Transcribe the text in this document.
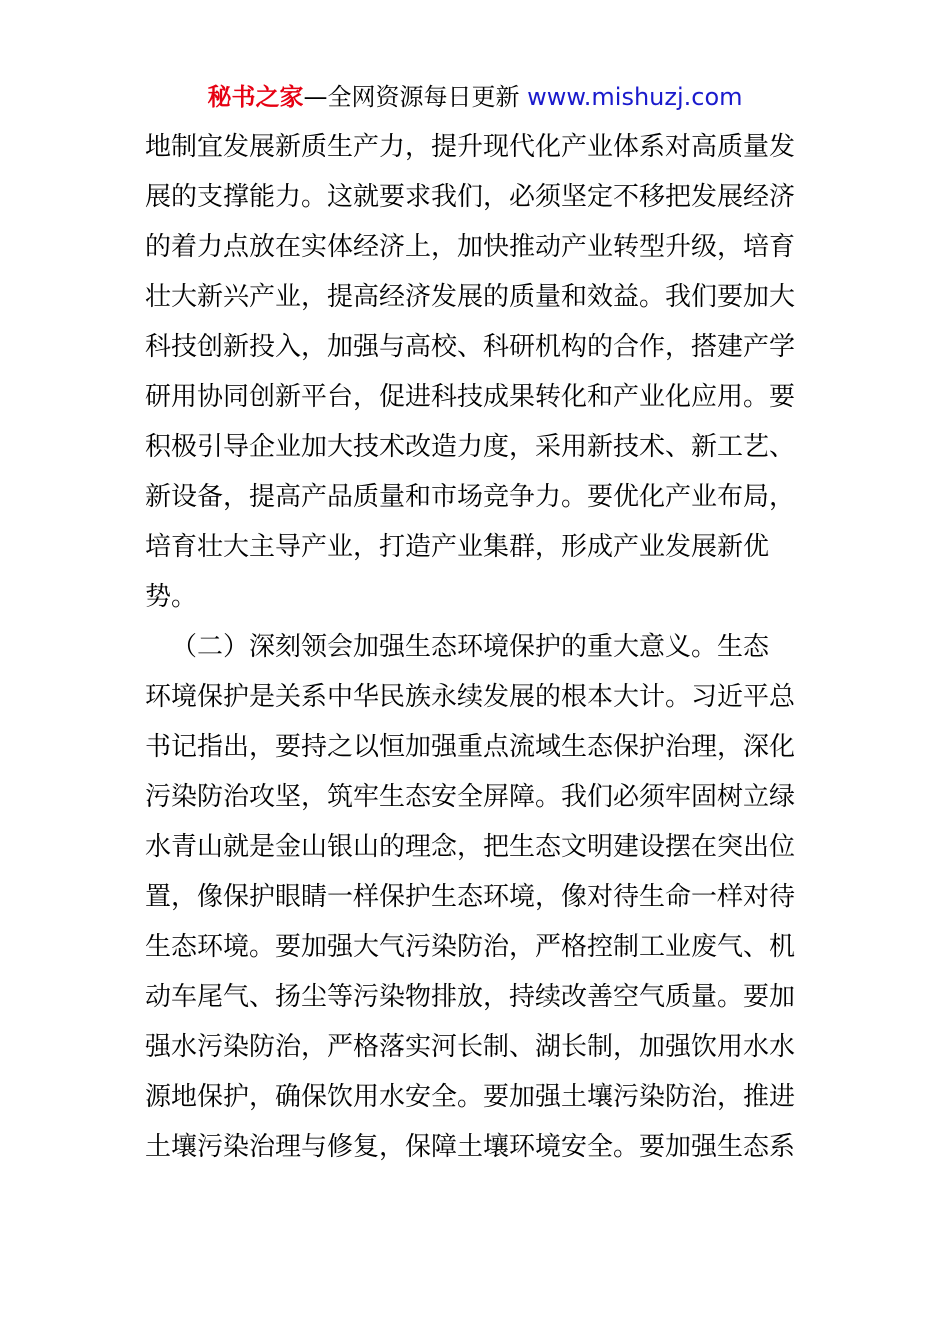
秘书之家—全网资源每日更新 www.mishuzj.com
地制宜发展新质生产力，提升现代化产业体系对高质量发
展的支撑能力。这就要求我们，必须坚定不移把发展经济
的着力点放在实体经济上，加快推动产业转型升级，培育
壮大新兴产业，提高经济发展的质量和效益。我们要加大
科技创新投入，加强与高校、科研机构的合作，搭建产学
研用协同创新平台，促进科技成果转化和产业化应用。要
积极引导企业加大技术改造力度，采用新技术、新工艺、
新设备，提高产品质量和市场竞争力。要优化产业布局，
培育壮大主导产业，打造产业集群，形成产业发展新优
势。
（二）深刻领会加强生态环境保护的重大意义。生态
环境保护是关系中华民族永续发展的根本大计。习近平总
书记指出，要持之以恒加强重点流域生态保护治理，深化
污染防治攻坚，筑牢生态安全屏障。我们必须牢固树立绿
水青山就是金山银山的理念，把生态文明建设摆在突出位
置，像保护眼睛一样保护生态环境，像对待生命一样对待
生态环境。要加强大气污染防治，严格控制工业废气、机
动车尾气、扬尘等污染物排放，持续改善空气质量。要加
强水污染防治，严格落实河长制、湖长制，加强饮用水水
源地保护，确保饮用水安全。要加强土壤污染防治，推进
土壤污染治理与修复，保障土壤环境安全。要加强生态系
